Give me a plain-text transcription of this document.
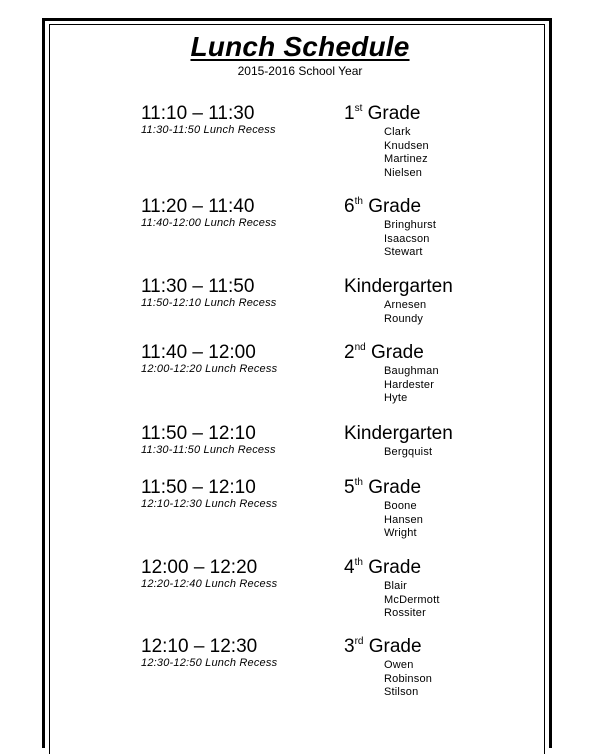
Lunch Schedule
2015-2016 School Year
11:10 – 11:30
11:30-11:50 Lunch Recess
1st Grade
Clark
Knudsen
Martinez
Nielsen
11:20 – 11:40
11:40-12:00 Lunch Recess
6th Grade
Bringhurst
Isaacson
Stewart
11:30 – 11:50
11:50-12:10 Lunch Recess
Kindergarten
Arnesen
Roundy
11:40 – 12:00
12:00-12:20 Lunch Recess
2nd Grade
Baughman
Hardester
Hyte
11:50 – 12:10
11:30-11:50 Lunch Recess
Kindergarten
Bergquist
11:50 – 12:10
12:10-12:30 Lunch Recess
5th Grade
Boone
Hansen
Wright
12:00 – 12:20
12:20-12:40 Lunch Recess
4th Grade
Blair
McDermott
Rossiter
12:10 – 12:30
12:30-12:50 Lunch Recess
3rd Grade
Owen
Robinson
Stilson
